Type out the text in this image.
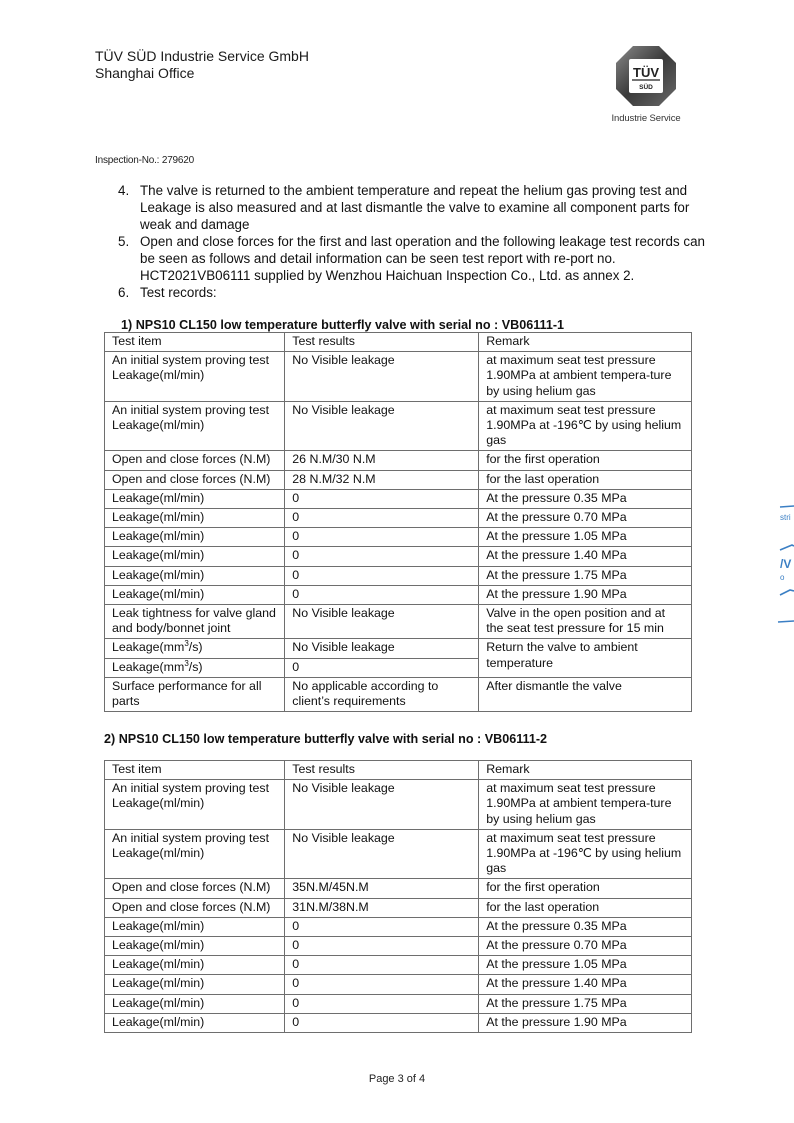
TÜV SÜD Industrie Service GmbH
Shanghai Office	TÜV
SÜD
Industrie Service
Inspection-No.: 279620
4. The valve is returned to the ambient temperature and repeat the helium gas proving test and Leakage is also measured and at last dismantle the valve to examine all component parts for weak and damage
5. Open and close forces for the first and last operation and the following leakage test records can be seen as follows and detail information can be seen test report with re-port no. HCT2021VB06111 supplied by Wenzhou Haichuan Inspection Co., Ltd. as annex 2.
6. Test records:
1) NPS10 CL150 low temperature butterfly valve with serial no : VB06111-1
Test item	Test results	Remark
An initial system proving test Leakage(ml/min)	No Visible leakage	at maximum seat test pressure 1.90MPa at ambient tempera-ture by using helium gas
An initial system proving test Leakage(ml/min)	No Visible leakage	at maximum seat test pressure 1.90MPa at -196℃ by using helium gas
Open and close forces (N.M)	26 N.M/30 N.M	for the first operation
Open and close forces (N.M)	28 N.M/32 N.M	for the last operation
Leakage(ml/min)	0	At the pressure 0.35 MPa
Leakage(ml/min)	0	At the pressure 0.70 MPa
Leakage(ml/min)	0	At the pressure 1.05 MPa
Leakage(ml/min)	0	At the pressure 1.40 MPa
Leakage(ml/min)	0	At the pressure 1.75 MPa
Leakage(ml/min)	0	At the pressure 1.90 MPa
Leak tightness for valve gland and body/bonnet joint	No Visible leakage	Valve in the open position and at the seat test pressure for 15 min
$Leakage(mm^3/s)$	No Visible leakage	Return the valve to ambient temperature
$Leakage(mm^3/s)$	0	
Surface performance for all parts	No applicable according to client’s requirements	After dismantle the valve
2) NPS10 CL150 low temperature butterfly valve with serial no : VB06111-2
Test item	Test results	Remark
An initial system proving test Leakage(ml/min)	No Visible leakage	at maximum seat test pressure 1.90MPa at ambient tempera-ture by using helium gas
An initial system proving test Leakage(ml/min)	No Visible leakage	at maximum seat test pressure 1.90MPa at -196℃ by using helium gas
Open and close forces (N.M)	35N.M/45N.M	for the first operation
Open and close forces (N.M)	31N.M/38N.M	for the last operation
Leakage(ml/min)	0	At the pressure 0.35 MPa
Leakage(ml/min)	0	At the pressure 0.70 MPa
Leakage(ml/min)	0	At the pressure 1.05 MPa
Leakage(ml/min)	0	At the pressure 1.40 MPa
Leakage(ml/min)	0	At the pressure 1.75 MPa
Leakage(ml/min)	0	At the pressure 1.90 MPa
stri
/V
o
Page 3 of 4
